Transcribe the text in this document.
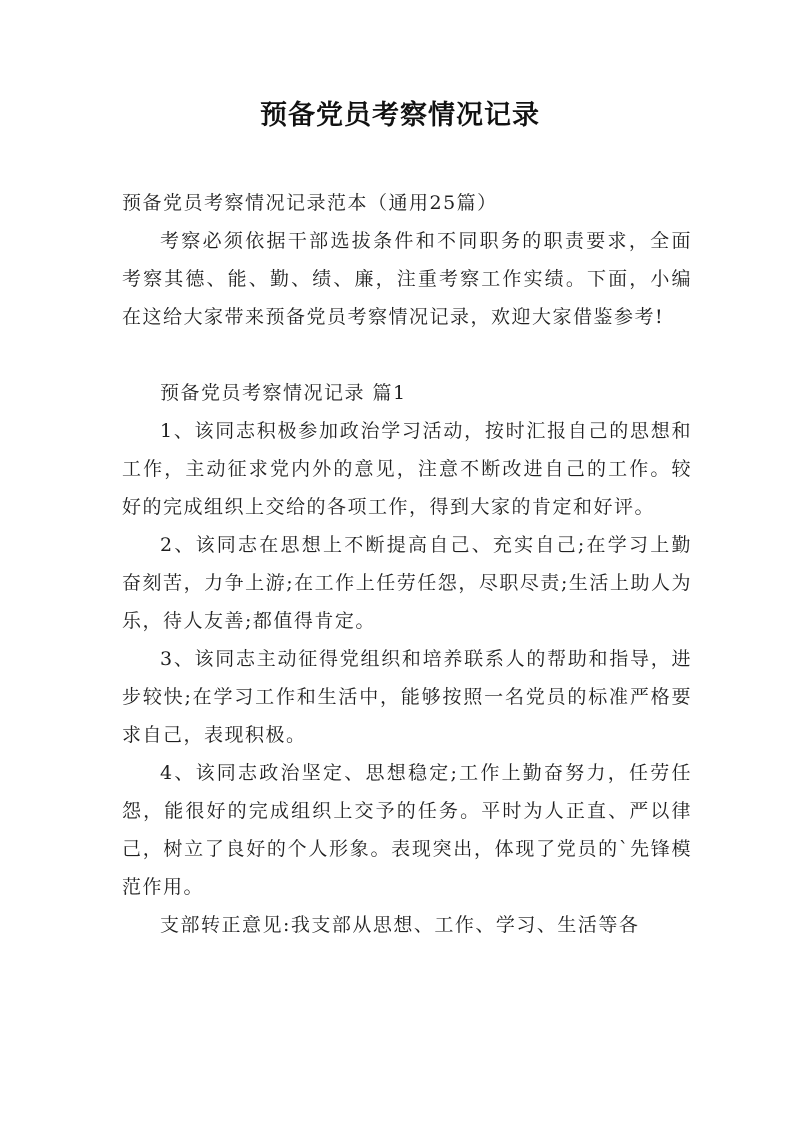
预备党员考察情况记录

预备党员考察情况记录范本（通用25篇）

考察必须依据干部选拔条件和不同职务的职责要求，全面考察其德、能、勤、绩、廉，注重考察工作实绩。下面，小编在这给大家带来预备党员考察情况记录，欢迎大家借鉴参考!

预备党员考察情况记录 篇1

1、该同志积极参加政治学习活动，按时汇报自己的思想和工作，主动征求党内外的意见，注意不断改进自己的工作。较好的完成组织上交给的各项工作，得到大家的肯定和好评。

2、该同志在思想上不断提高自己、充实自己;在学习上勤奋刻苦，力争上游;在工作上任劳任怨，尽职尽责;生活上助人为乐，待人友善;都值得肯定。

3、该同志主动征得党组织和培养联系人的帮助和指导，进步较快;在学习工作和生活中，能够按照一名党员的标准严格要求自己，表现积极。

4、该同志政治坚定、思想稳定;工作上勤奋努力，任劳任怨，能很好的完成组织上交予的任务。平时为人正直、严以律己，树立了良好的个人形象。表现突出，体现了党员的`先锋模范作用。

支部转正意见:我支部从思想、工作、学习、生活等各
